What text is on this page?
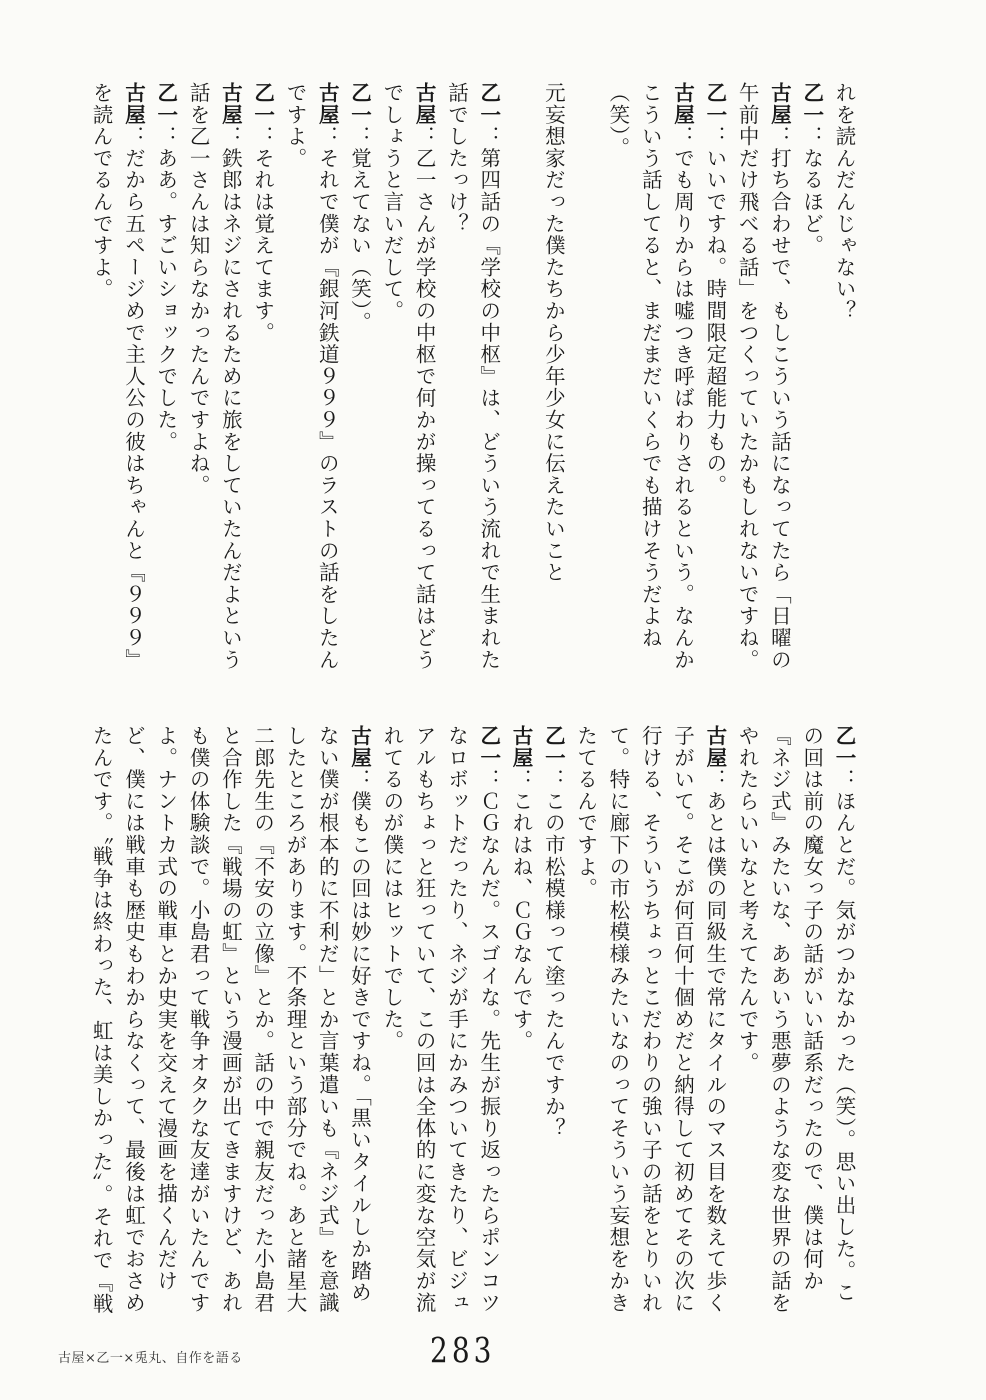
れを読んだんじゃない？
乙一：なるほど。
古屋：打ち合わせで、もしこういう話になってたら「日曜の
午前中だけ飛べる話」をつくっていたかもしれないですね。
乙一：いいですね。時間限定超能力もの。
古屋：でも周りからは嘘つき呼ばわりされるという。なんか
こういう話してると、まだまだいくらでも描けそうだよね
（笑）。

元妄想家だった僕たちから少年少女に伝えたいこと

乙一：第四話の『学校の中枢』は、どういう流れで生まれた
話でしたっけ？
古屋：乙一さんが学校の中枢で何かが操ってるって話はどう
でしょうと言いだして。
乙一：覚えてない（笑）。
古屋：それで僕が『銀河鉄道９９９』のラストの話をしたん
ですよ。
乙一：それは覚えてます。
古屋：鉄郎はネジにされるために旅をしていたんだよという
話を乙一さんは知らなかったんですよね。
乙一：ああ。すごいショックでした。
古屋：だから五ページめで主人公の彼はちゃんと『９９９』
を読んでるんですよ。
乙一：ほんとだ。気がつかなかった（笑）。思い出した。こ
の回は前の魔女っ子の話がいい話系だったので、僕は何か
『ネジ式』みたいな、ああいう悪夢のような変な世界の話を
やれたらいいなと考えてたんです。
古屋：あとは僕の同級生で常にタイルのマス目を数えて歩く
子がいて。そこが何百何十個めだと納得して初めてその次に
行ける、そういうちょっとこだわりの強い子の話をとりいれ
て。特に廊下の市松模様みたいなのってそういう妄想をかき
たてるんですよ。
乙一：この市松模様って塗ったんですか？
古屋：これはね、ＣＧなんです。
乙一：ＣＧなんだ。スゴイな。先生が振り返ったらポンコツ
なロボットだったり、ネジが手にかみついてきたり、ビジュ
アルもちょっと狂っていて、この回は全体的に変な空気が流
れてるのが僕にはヒットでした。
古屋：僕もこの回は妙に好きですね。「黒いタイルしか踏め
ない僕が根本的に不利だ」とか言葉遣いも『ネジ式』を意識
したところがあります。不条理という部分でね。あと諸星大
二郎先生の『不安の立像』とか。話の中で親友だった小島君
と合作した『戦場の虹』という漫画が出てきますけど、あれ
も僕の体験談で。小島君って戦争オタクな友達がいたんです
よ。ナントカ式の戦車とか史実を交えて漫画を描くんだけ
ど、僕には戦車も歴史もわからなくって、最後は虹でおさめ
たんです。〝戦争は終わった、虹は美しかった〟。それで『戦
古屋×乙一×兎丸、自作を語る	283
